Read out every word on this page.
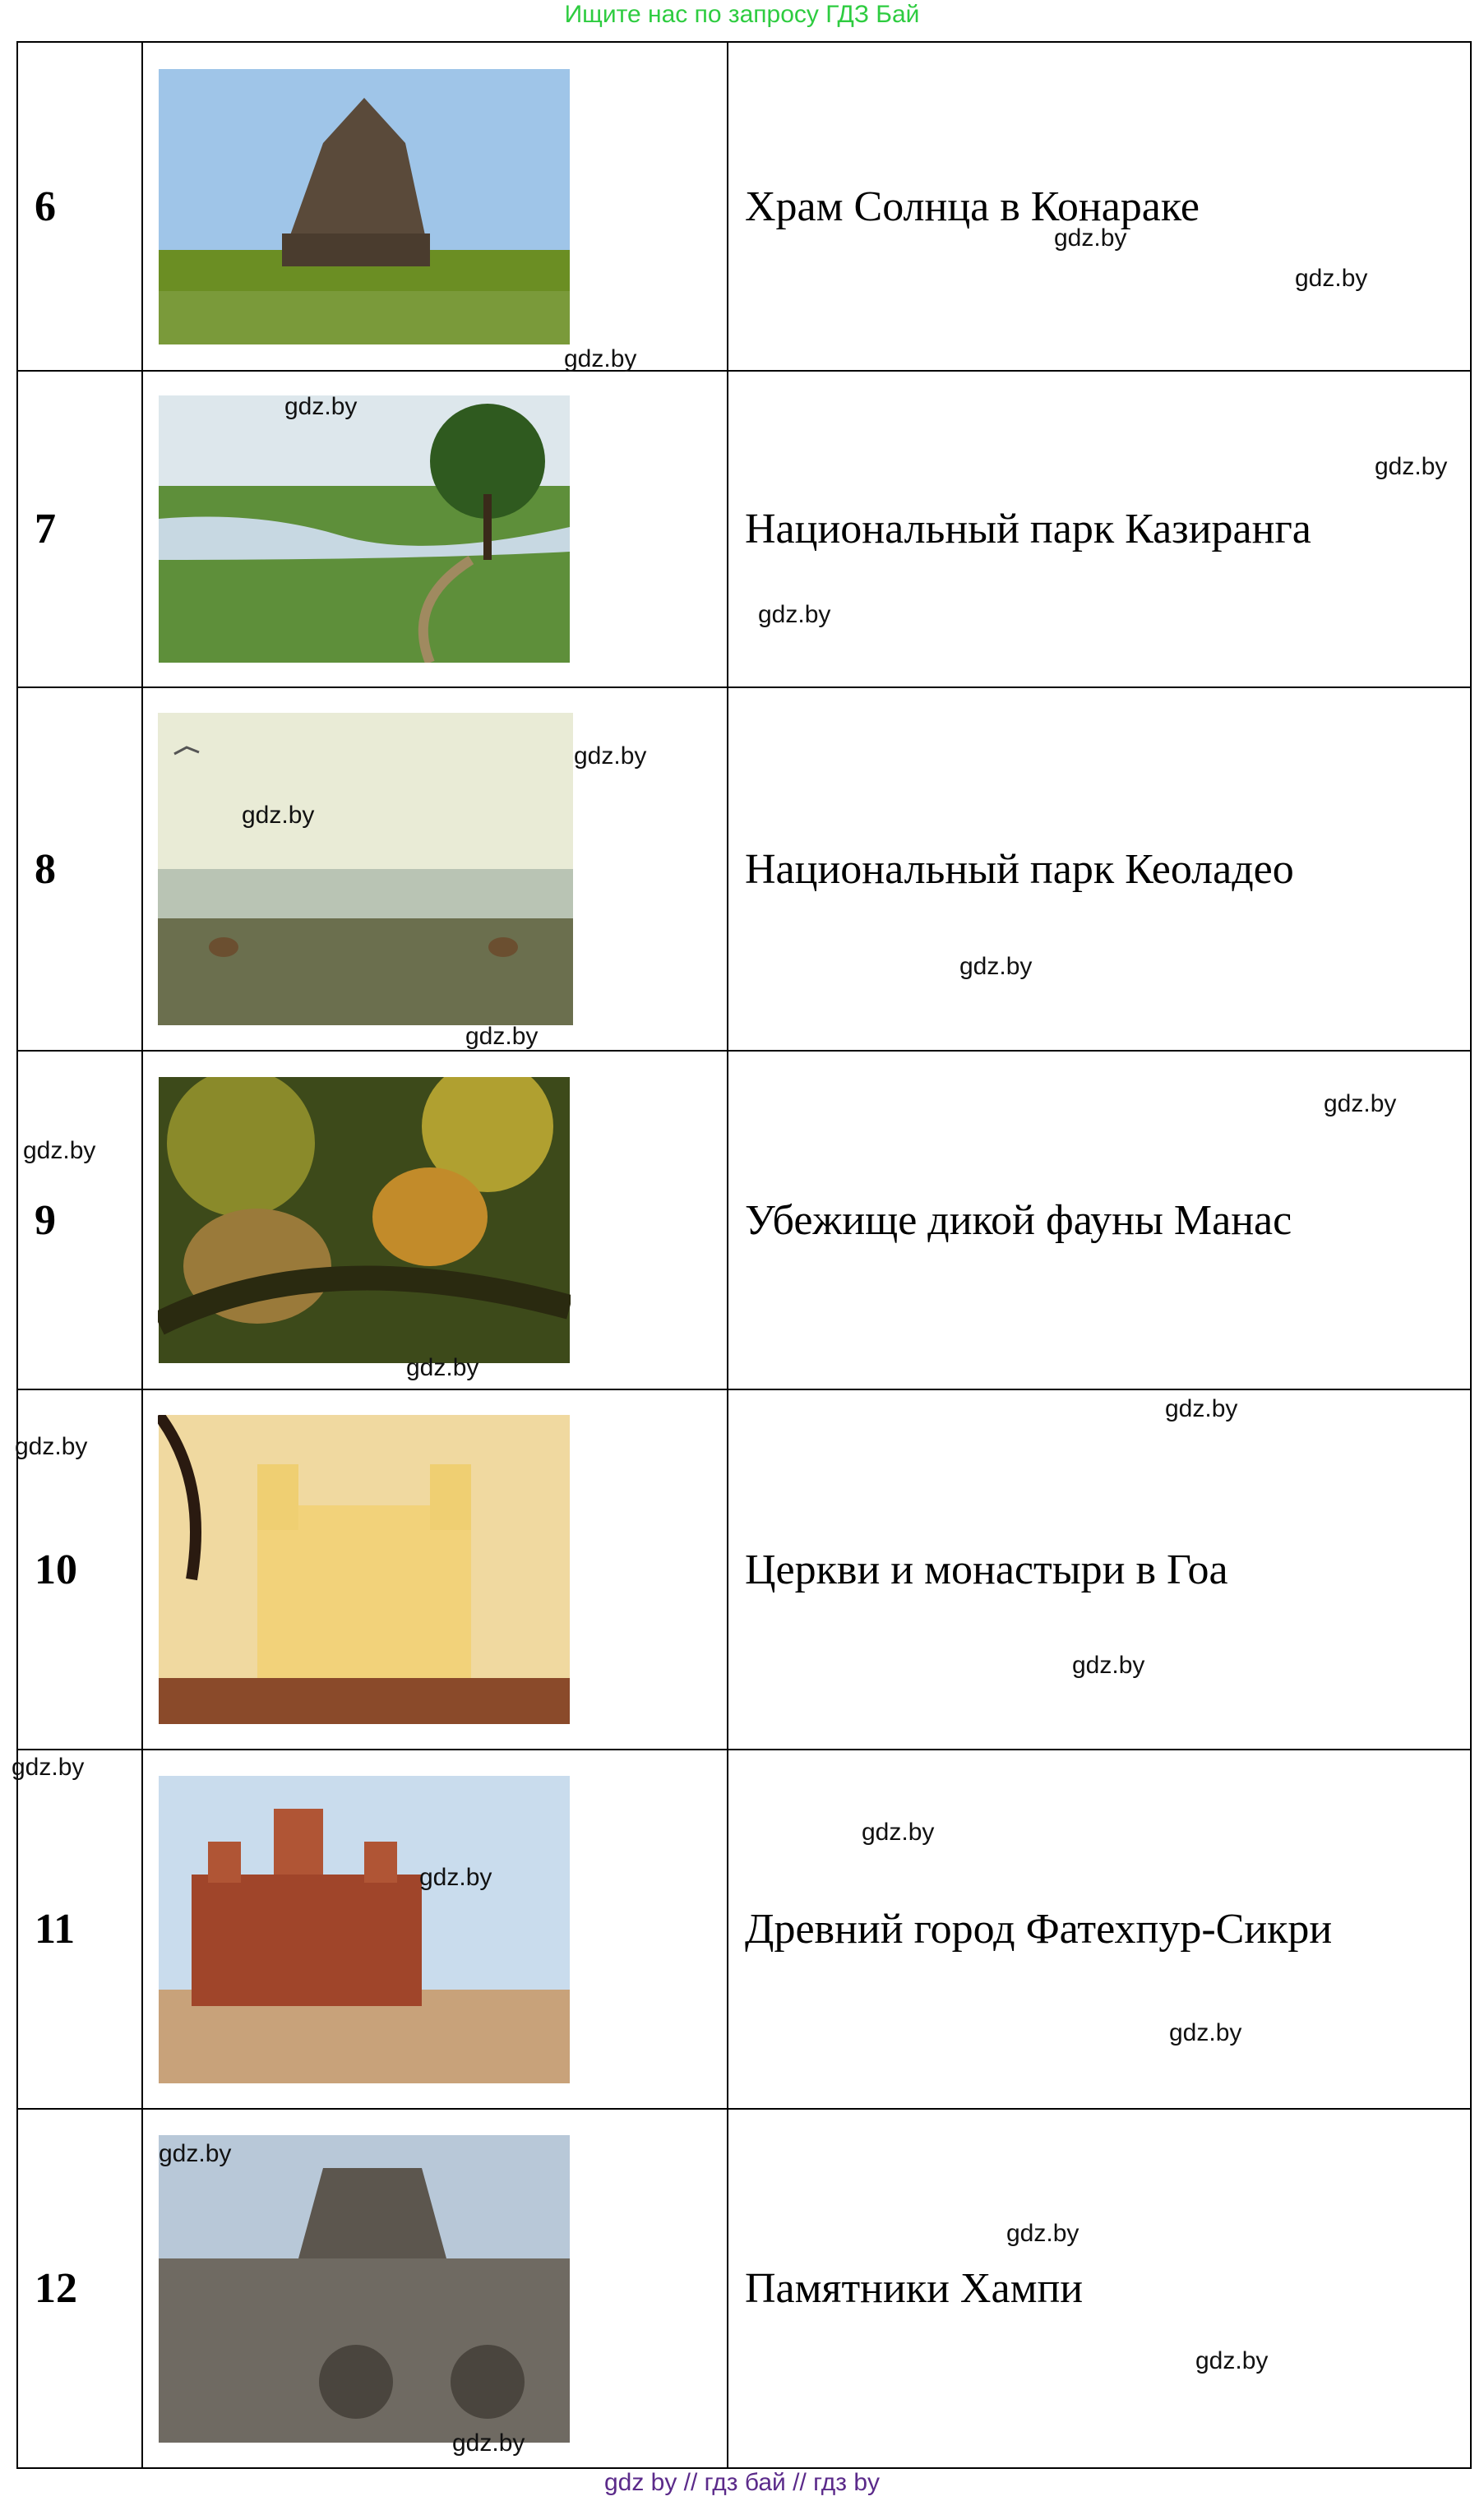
Ищите нас по запросу ГДЗ Бай
6		Храм Солнца в Конараке
7		Национальный парк Казиранга
8		Национальный парк Кеоладео
9		Убежище дикой фауны Манас
10		Церкви и монастыри в Гоа
11		Древний город Фатехпур-Сикри
12		Памятники Хампи
gdz.by
gdz.by
gdz.by
gdz.by
gdz.by
gdz.by
gdz.by
gdz.by
gdz.by
gdz.by
gdz.by
gdz.by
gdz.by
gdz.by
gdz.by
gdz.by
gdz.by
gdz.by
gdz.by
gdz.by
gdz.by
gdz.by
gdz.by
gdz.by
gdz by // гдз бай // гдз by
